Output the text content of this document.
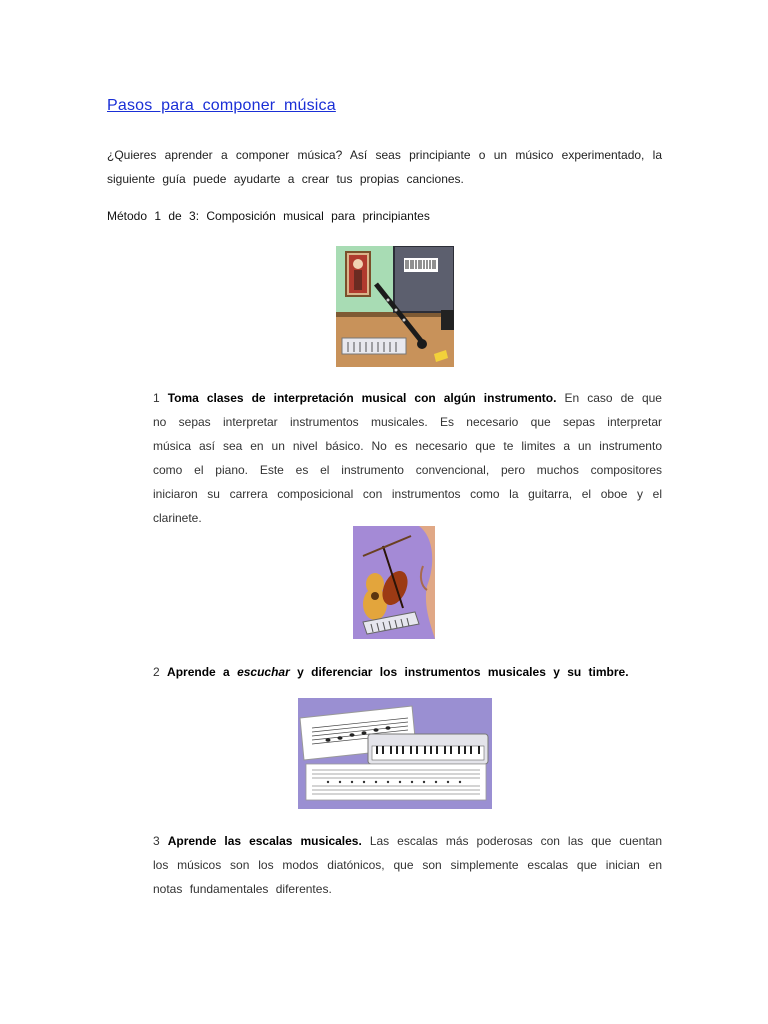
Pasos para componer música
¿Quieres aprender a componer música? Así seas principiante o un músico experimentado, la siguiente guía puede ayudarte a crear tus propias canciones.
Método 1 de 3: Composición musical para principiantes
1 Toma clases de interpretación musical con algún instrumento. En caso de que no sepas interpretar instrumentos musicales. Es necesario que sepas interpretar música así sea en un nivel básico. No es necesario que te limites a un instrumento como el piano. Este es el instrumento convencional, pero muchos compositores iniciaron su carrera composicional con instrumentos como la guitarra, el oboe y el clarinete.
2 Aprende a escuchar y diferenciar los instrumentos musicales y su timbre.
3 Aprende las escalas musicales. Las escalas más poderosas con las que cuentan los músicos son los modos diatónicos, que son simplemente escalas que inician en notas fundamentales diferentes.
